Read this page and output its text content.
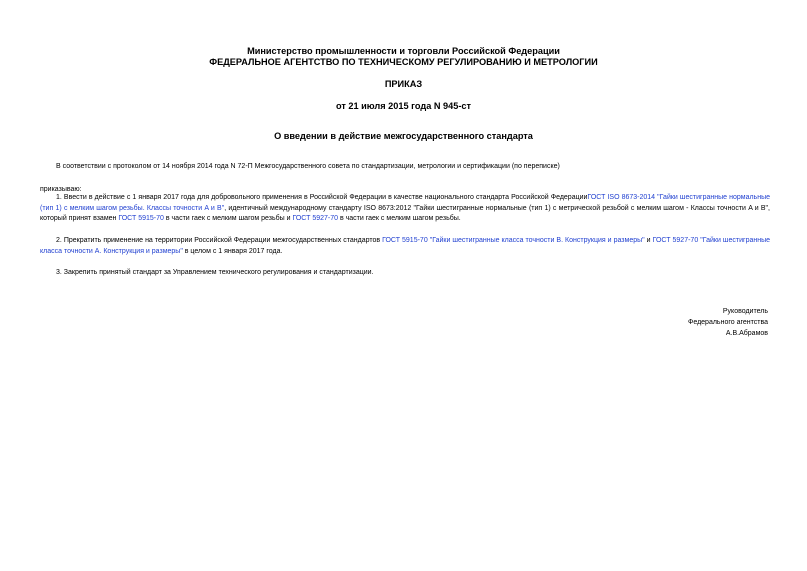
Министерство промышленности и торговли Российской Федерации
ФЕДЕРАЛЬНОЕ АГЕНТСТВО ПО ТЕХНИЧЕСКОМУ РЕГУЛИРОВАНИЮ И МЕТРОЛОГИИ
ПРИКАЗ
от 21 июля 2015 года N 945-ст
О введении в действие межгосударственного стандарта
В соответствии с протоколом от 14 ноября 2014 года N 72-П Межгосударственного совета по стандартизации, метрологии и сертификации (по переписке)
приказываю:
1. Ввести в действие с 1 января 2017 года для добровольного применения в Российской Федерации в качестве национального стандарта Российской ФедерацииГОСТ ISO 8673-2014 "Гайки шестигранные нормальные (тип 1) с мелким шагом резьбы. Классы точности A и B", идентичный международному стандарту ISO 8673:2012 "Гайки шестигранные нормальные (тип 1) с метрической резьбой с мелким шагом - Классы точности A и B", который принят взамен ГОСТ 5915-70 в части гаек с мелким шагом резьбы и ГОСТ 5927-70 в части гаек с мелким шагом резьбы.
2. Прекратить применение на территории Российской Федерации межгосударственных стандартов ГОСТ 5915-70 "Гайки шестигранные класса точности В. Конструкция и размеры" и ГОСТ 5927-70 "Гайки шестигранные класса точности А. Конструкция и размеры" в целом с 1 января 2017 года.
3. Закрепить принятый стандарт за Управлением технического регулирования и стандартизации.
Руководитель
Федерального агентства
А.В.Абрамов
